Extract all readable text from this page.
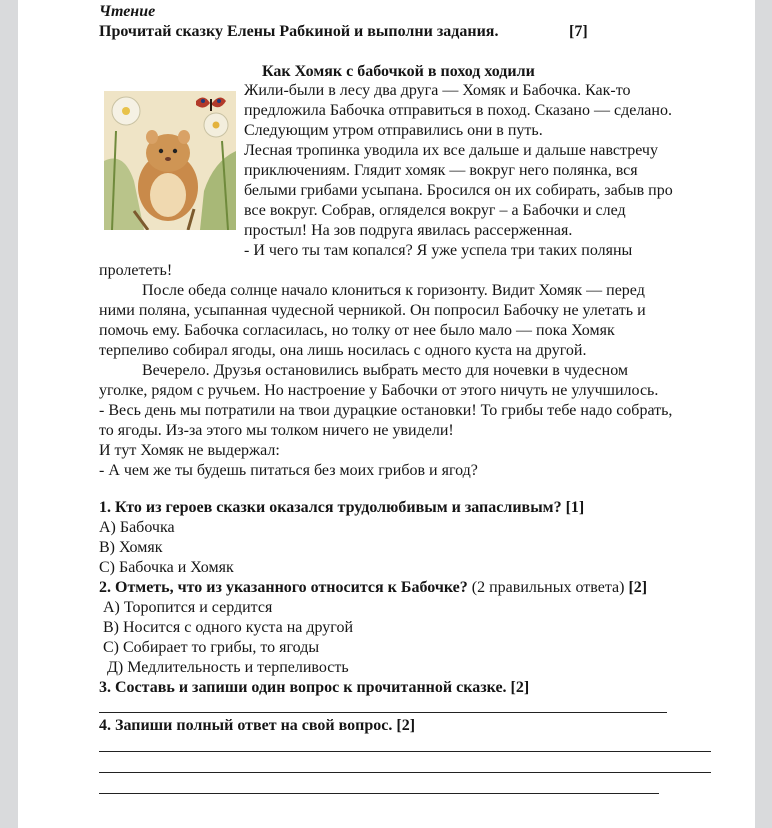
Чтение
Прочитай сказку Елены Рабкиной и выполни задания.	[7]
Как Хомяк с бабочкой в поход ходили
Жили-были в лесу два друга — Хомяк и Бабочка. Как-то
предложила Бабочка отправиться в поход. Сказано — сделано.
Следующим утром отправились они в путь.
Лесная тропинка уводила их все дальше и дальше навстречу
приключениям. Глядит хомяк — вокруг него полянка, вся
белыми грибами усыпана. Бросился он их собирать, забыв про
все вокруг. Собрав, огляделся вокруг – а Бабочки и след
простыл! На зов подруга явилась рассерженная.
- И чего ты там копался? Я уже успела три таких поляны
пролететь!
После обеда солнце начало клониться к горизонту. Видит Хомяк — перед
ними поляна, усыпанная чудесной черникой. Он попросил Бабочку не улетать и
помочь ему. Бабочка согласилась, но толку от нее было мало — пока Хомяк
терпеливо собирал ягоды, она лишь носилась с одного куста на другой.
Вечерело. Друзья остановились выбрать место для ночевки в чудесном
уголке, рядом с ручьем. Но настроение у Бабочки от этого ничуть не улучшилось.
- Весь день мы потратили на твои дурацкие остановки! То грибы тебе надо собрать,
то ягоды. Из-за этого мы толком ничего не увидели!
И тут Хомяк не выдержал:
- А чем же ты будешь питаться без моих грибов и ягод?
1. Кто из героев сказки оказался трудолюбивым и запасливым? [1]
A) Бабочка
B) Хомяк
C) Бабочка и Хомяк
2. Отметь, что из указанного относится к Бабочке? (2 правильных ответа) [2]
A) Торопится и сердится
B) Носится с одного куста на другой
C) Собирает то грибы, то ягоды
Д) Медлительность и терпеливость
3. Составь и запиши один вопрос к прочитанной сказке. [2]
4. Запиши полный ответ на свой вопрос. [2]
